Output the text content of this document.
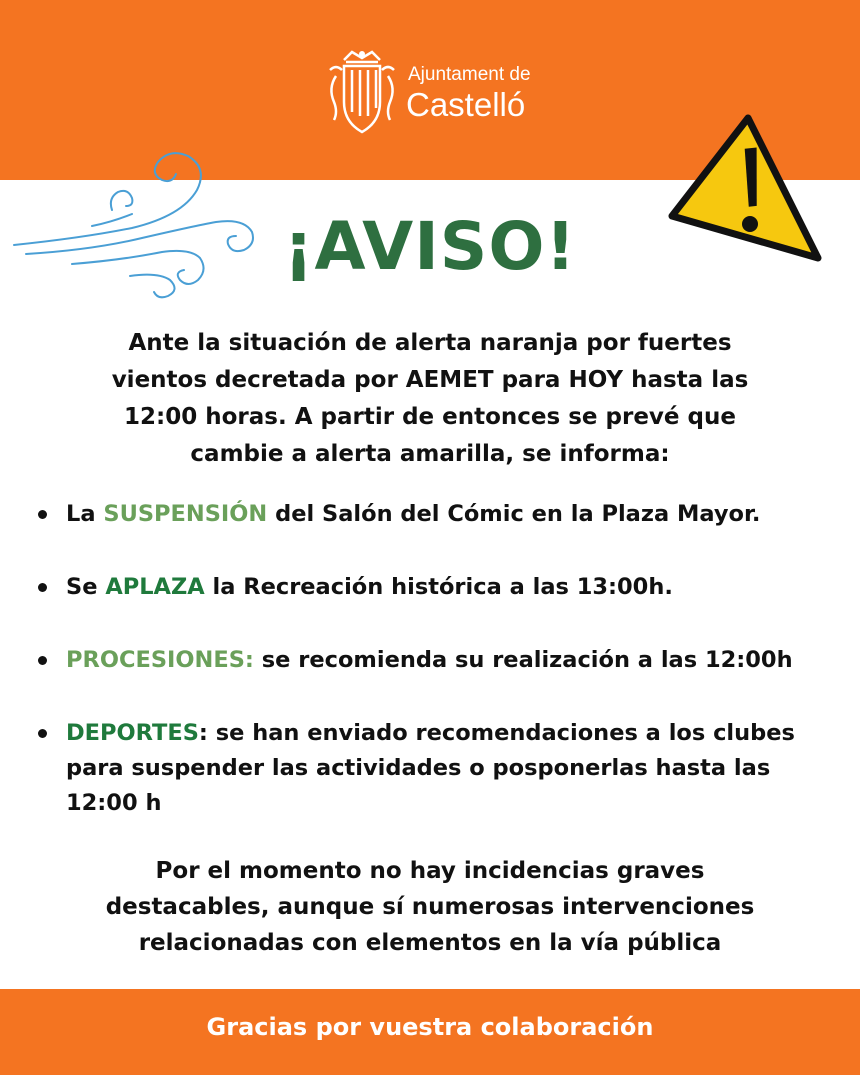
Ajuntament de
Castelló
¡AVISO!
Ante la situación de alerta naranja por fuertes vientos decretada por AEMET para HOY hasta las 12:00 horas. A partir de entonces se prevé que cambie a alerta amarilla, se informa:
La SUSPENSIÓN del Salón del Cómic en la Plaza Mayor.
Se APLAZA la Recreación histórica a las 13:00h.
PROCESIONES: se recomienda su realización a las 12:00h
DEPORTES: se han enviado recomendaciones a los clubes para suspender las actividades o posponerlas hasta las 12:00 h
Por el momento no hay incidencias graves destacables, aunque sí numerosas intervenciones relacionadas con elementos en la vía pública
Gracias por vuestra colaboración
